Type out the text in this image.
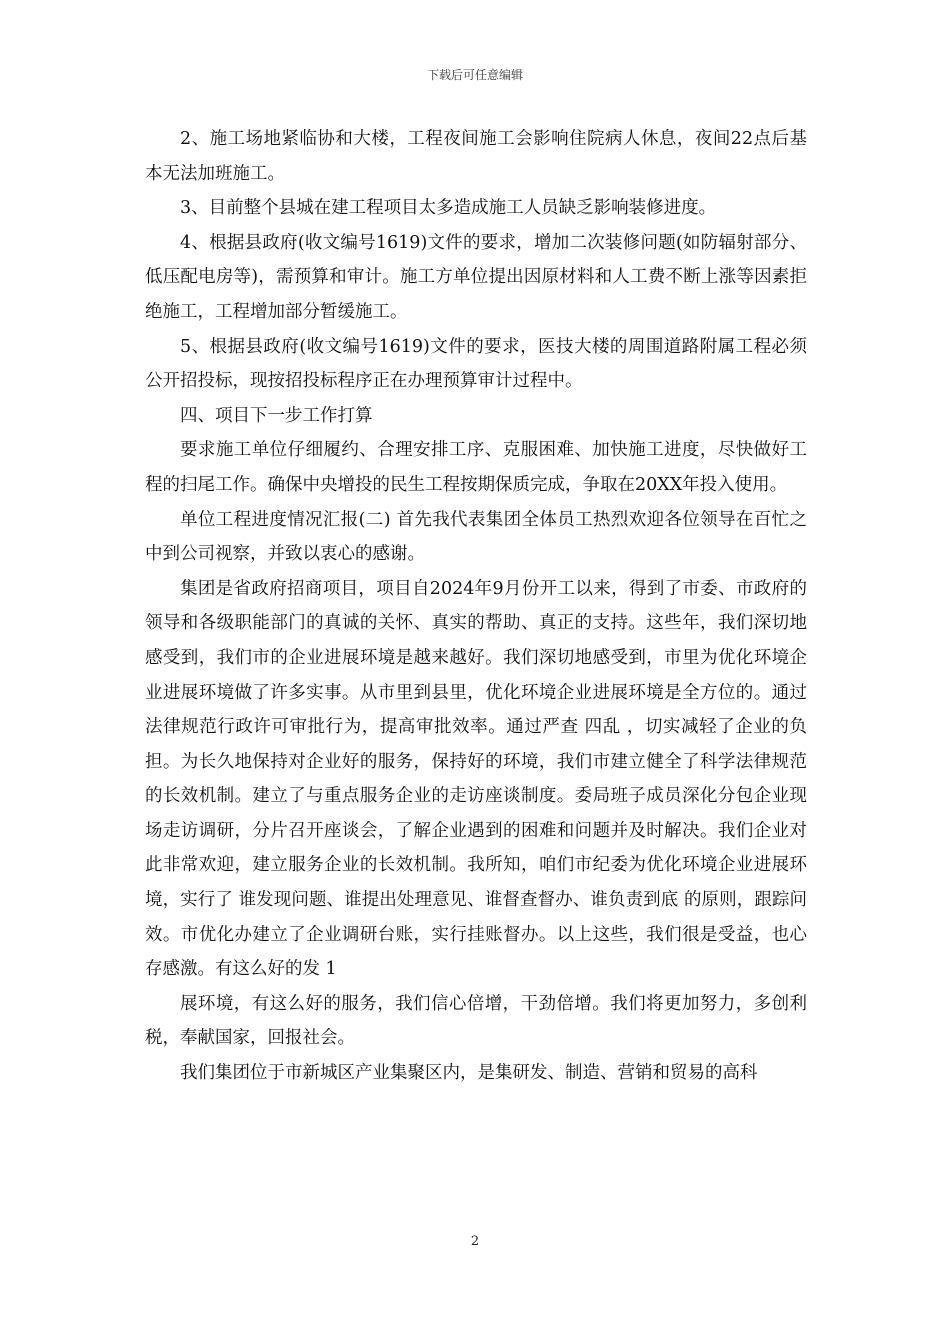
下载后可任意编辑

2、施工场地紧临协和大楼，工程夜间施工会影响住院病人休息，夜间22点后基本无法加班施工。

3、目前整个县城在建工程项目太多造成施工人员缺乏影响装修进度。

4、根据县政府(收文编号1619)文件的要求，增加二次装修问题(如防辐射部分、低压配电房等)，需预算和审计。施工方单位提出因原材料和人工费不断上涨等因素拒绝施工，工程增加部分暂缓施工。

5、根据县政府(收文编号1619)文件的要求，医技大楼的周围道路附属工程必须公开招投标，现按招投标程序正在办理预算审计过程中。

四、项目下一步工作打算

要求施工单位仔细履约、合理安排工序、克服困难、加快施工进度，尽快做好工程的扫尾工作。确保中央增投的民生工程按期保质完成，争取在20XX年投入使用。

单位工程进度情况汇报(二) 首先我代表集团全体员工热烈欢迎各位领导在百忙之中到公司视察，并致以衷心的感谢。

集团是省政府招商项目，项目自2024年9月份开工以来，得到了市委、市政府的领导和各级职能部门的真诚的关怀、真实的帮助、真正的支持。这些年，我们深切地感受到，我们市的企业进展环境是越来越好。我们深切地感受到，市里为优化环境企业进展环境做了许多实事。从市里到县里，优化环境企业进展环境是全方位的。通过法律规范行政许可审批行为，提高审批效率。通过严查 四乱 ，切实减轻了企业的负担。为长久地保持对企业好的服务，保持好的环境，我们市建立健全了科学法律规范的长效机制。建立了与重点服务企业的走访座谈制度。委局班子成员深化分包企业现场走访调研，分片召开座谈会，了解企业遇到的困难和问题并及时解决。我们企业对此非常欢迎，建立服务企业的长效机制。我所知，咱们市纪委为优化环境企业进展环境，实行了 谁发现问题、谁提出处理意见、谁督查督办、谁负责到底 的原则，跟踪问效。市优化办建立了企业调研台账，实行挂账督办。以上这些，我们很是受益，也心存感激。有这么好的发 1

展环境，有这么好的服务，我们信心倍增，干劲倍增。我们将更加努力，多创利税，奉献国家，回报社会。

我们集团位于市新城区产业集聚区内，是集研发、制造、营销和贸易的高科

2
